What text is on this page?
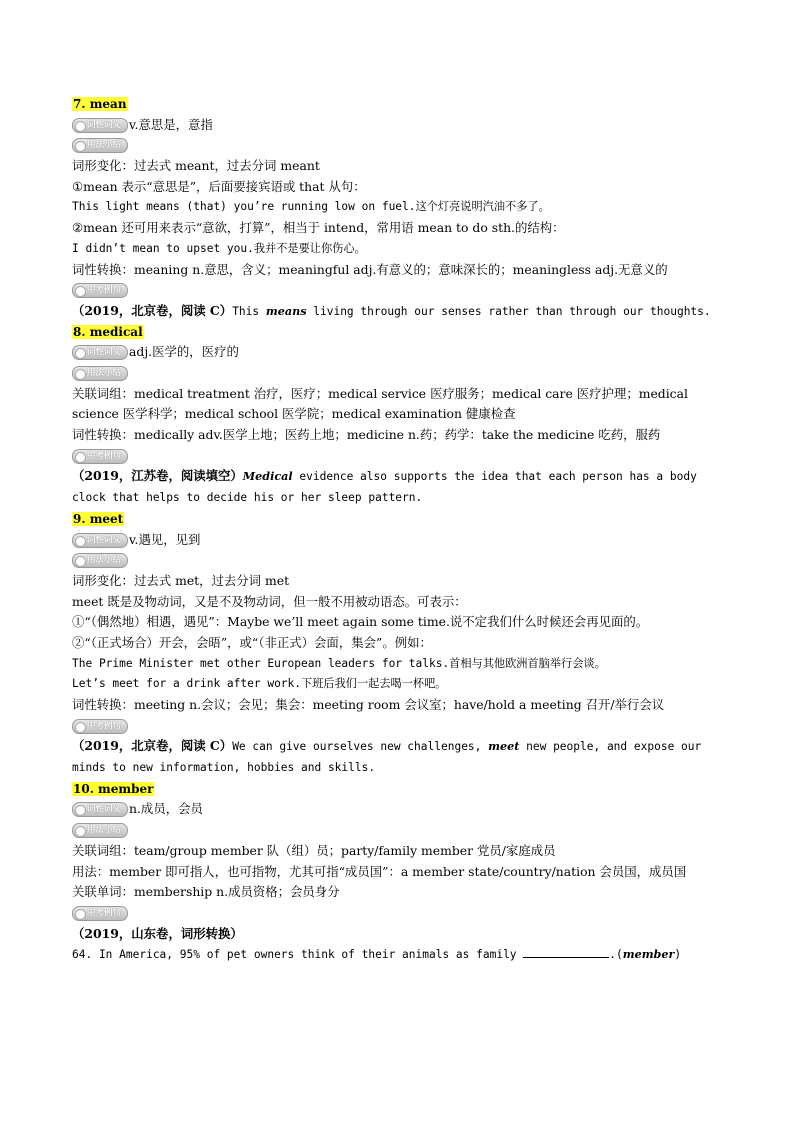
7. mean
词性词义 v.意思是，意指
用法小结
词形变化：过去式 meant，过去分词 meant
①mean 表示“意思是”，后面要接宾语或 that 从句：
This light means (that) you’re running low on fuel.这个灯亮说明汽油不多了。
②mean 还可用来表示“意欲，打算”，相当于 intend，常用语 mean to do sth.的结构：
I didn’t mean to upset you.我并不是要让你伤心。
词性转换：meaning n.意思，含义；meaningful adj.有意义的；意味深长的；meaningless adj.无意义的
中考例句
（2019，北京卷，阅读 C）This means living through our senses rather than through our thoughts.
8. medical
词性词义 adj.医学的，医疗的
用法小结
关联词组：medical treatment 治疗，医疗；medical service 医疗服务；medical care 医疗护理；medical science 医学科学；medical school 医学院；medical examination 健康检查
词性转换：medically adv.医学上地；医药上地；medicine n.药；药学：take the medicine 吃药，服药
中考例句
（2019，江苏卷，阅读填空）Medical evidence also supports the idea that each person has a body clock that helps to decide his or her sleep pattern.
9. meet
词性词义 v.遇见，见到
用法小结
词形变化：过去式 met，过去分词 met
meet 既是及物动词，又是不及物动词，但一般不用被动语态。可表示：
①“（偶然地）相遇，遇见”：Maybe we’ll meet again some time.说不定我们什么时候还会再见面的。
②“（正式场合）开会，会晤”，或“（非正式）会面，集会”。例如：
The Prime Minister met other European leaders for talks.首相与其他欧洲首脑举行会谈。
Let’s meet for a drink after work.下班后我们一起去喝一杯吧。
词性转换：meeting n.会议；会见；集会：meeting room 会议室；have/hold a meeting 召开/举行会议
中考例句
（2019，北京卷，阅读 C）We can give ourselves new challenges, meet new people, and expose our minds to new information, hobbies and skills.
10. member
词性词义 n.成员，会员
用法小结
关联词组：team/group member 队（组）员；party/family member 党员/家庭成员
用法：member 即可指人，也可指物，尤其可指“成员国”：a member state/country/nation 会员国，成员国
关联单词：membership n.成员资格；会员身分
中考例句
（2019，山东卷，词形转换）
64. In America, 95% of pet owners think of their animals as family	.(member)
